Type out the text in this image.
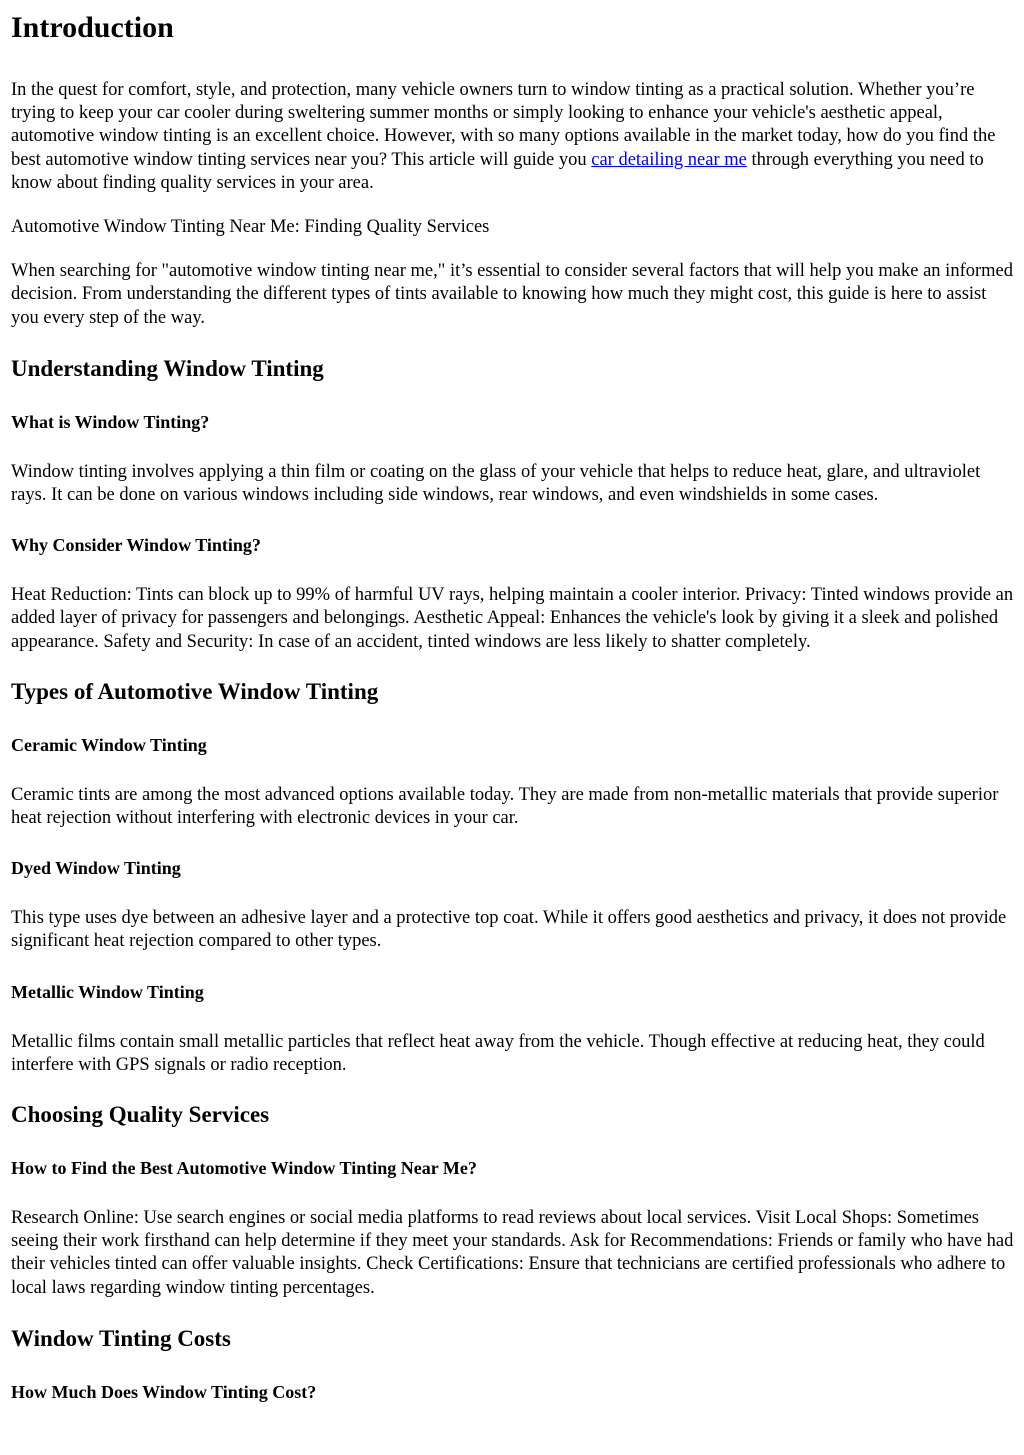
Introduction

In the quest for comfort, style, and protection, many vehicle owners turn to window tinting as a practical solution. Whether you’re trying to keep your car cooler during sweltering summer months or simply looking to enhance your vehicle's aesthetic appeal, automotive window tinting is an excellent choice. However, with so many options available in the market today, how do you find the best automotive window tinting services near you? This article will guide you car detailing near me through everything you need to know about finding quality services in your area.

Automotive Window Tinting Near Me: Finding Quality Services

When searching for "automotive window tinting near me," it’s essential to consider several factors that will help you make an informed decision. From understanding the different types of tints available to knowing how much they might cost, this guide is here to assist you every step of the way.

Understanding Window Tinting
What is Window Tinting?

Window tinting involves applying a thin film or coating on the glass of your vehicle that helps to reduce heat, glare, and ultraviolet rays. It can be done on various windows including side windows, rear windows, and even windshields in some cases.

Why Consider Window Tinting?

Heat Reduction: Tints can block up to 99% of harmful UV rays, helping maintain a cooler interior. Privacy: Tinted windows provide an added layer of privacy for passengers and belongings. Aesthetic Appeal: Enhances the vehicle's look by giving it a sleek and polished appearance. Safety and Security: In case of an accident, tinted windows are less likely to shatter completely.

Types of Automotive Window Tinting
Ceramic Window Tinting

Ceramic tints are among the most advanced options available today. They are made from non-metallic materials that provide superior heat rejection without interfering with electronic devices in your car.

Dyed Window Tinting

This type uses dye between an adhesive layer and a protective top coat. While it offers good aesthetics and privacy, it does not provide significant heat rejection compared to other types.

Metallic Window Tinting

Metallic films contain small metallic particles that reflect heat away from the vehicle. Though effective at reducing heat, they could interfere with GPS signals or radio reception.

Choosing Quality Services
How to Find the Best Automotive Window Tinting Near Me?

Research Online: Use search engines or social media platforms to read reviews about local services. Visit Local Shops: Sometimes seeing their work firsthand can help determine if they meet your standards. Ask for Recommendations: Friends or family who have had their vehicles tinted can offer valuable insights. Check Certifications: Ensure that technicians are certified professionals who adhere to local laws regarding window tinting percentages.

Window Tinting Costs
How Much Does Window Tinting Cost?
